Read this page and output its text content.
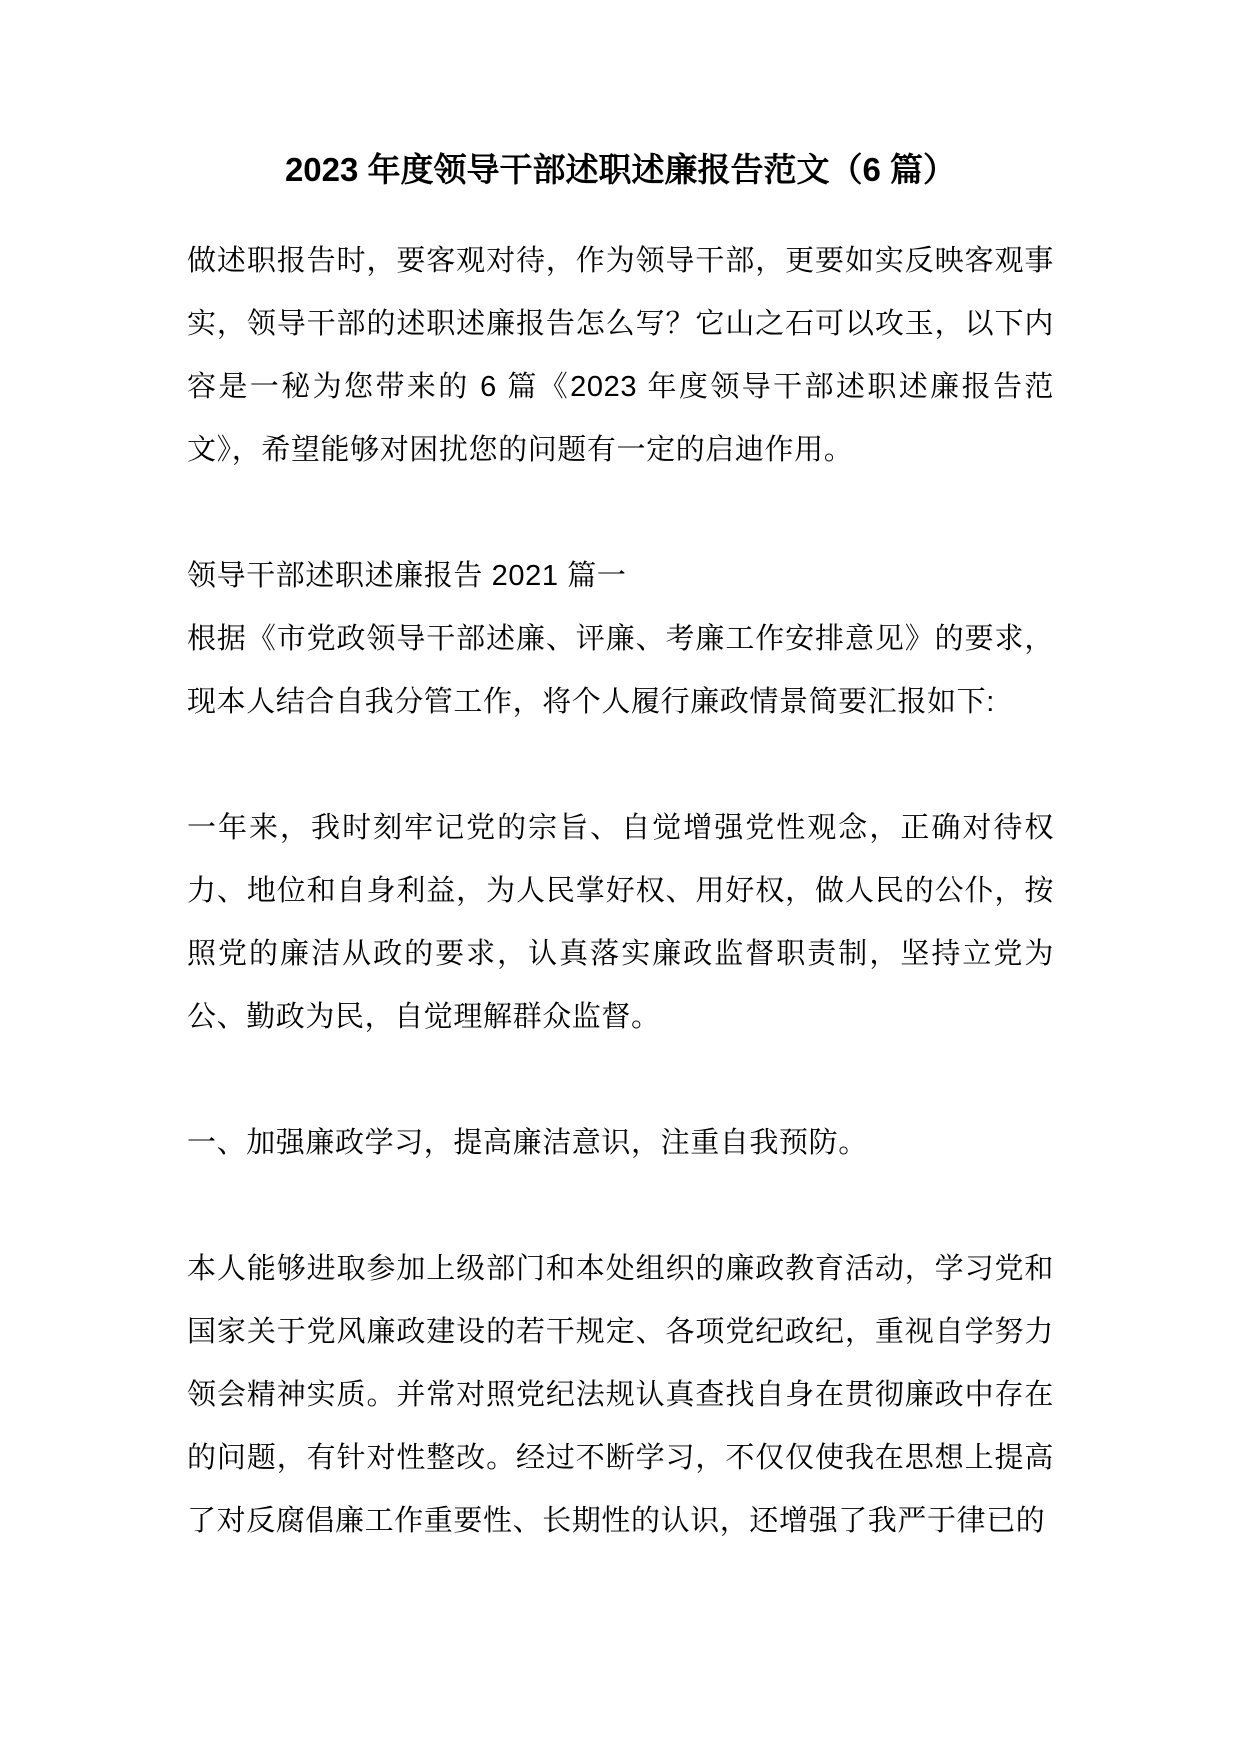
2023 年度领导干部述职述廉报告范文（6 篇）

做述职报告时，要客观对待，作为领导干部，更要如实反映客观事实，领导干部的述职述廉报告怎么写？它山之石可以攻玉，以下内容是一秘为您带来的 6 篇《2023 年度领导干部述职述廉报告范文》，希望能够对困扰您的问题有一定的启迪作用。

领导干部述职述廉报告 2021 篇一

根据《市党政领导干部述廉、评廉、考廉工作安排意见》的要求，现本人结合自我分管工作，将个人履行廉政情景简要汇报如下:

一年来，我时刻牢记党的宗旨、自觉增强党性观念，正确对待权力、地位和自身利益，为人民掌好权、用好权，做人民的公仆，按照党的廉洁从政的要求，认真落实廉政监督职责制，坚持立党为公、勤政为民，自觉理解群众监督。

一、加强廉政学习，提高廉洁意识，注重自我预防。

本人能够进取参加上级部门和本处组织的廉政教育活动，学习党和国家关于党风廉政建设的若干规定、各项党纪政纪，重视自学努力领会精神实质。并常对照党纪法规认真查找自身在贯彻廉政中存在的问题，有针对性整改。经过不断学习，不仅仅使我在思想上提高了对反腐倡廉工作重要性、长期性的认识，还增强了我严于律已的
